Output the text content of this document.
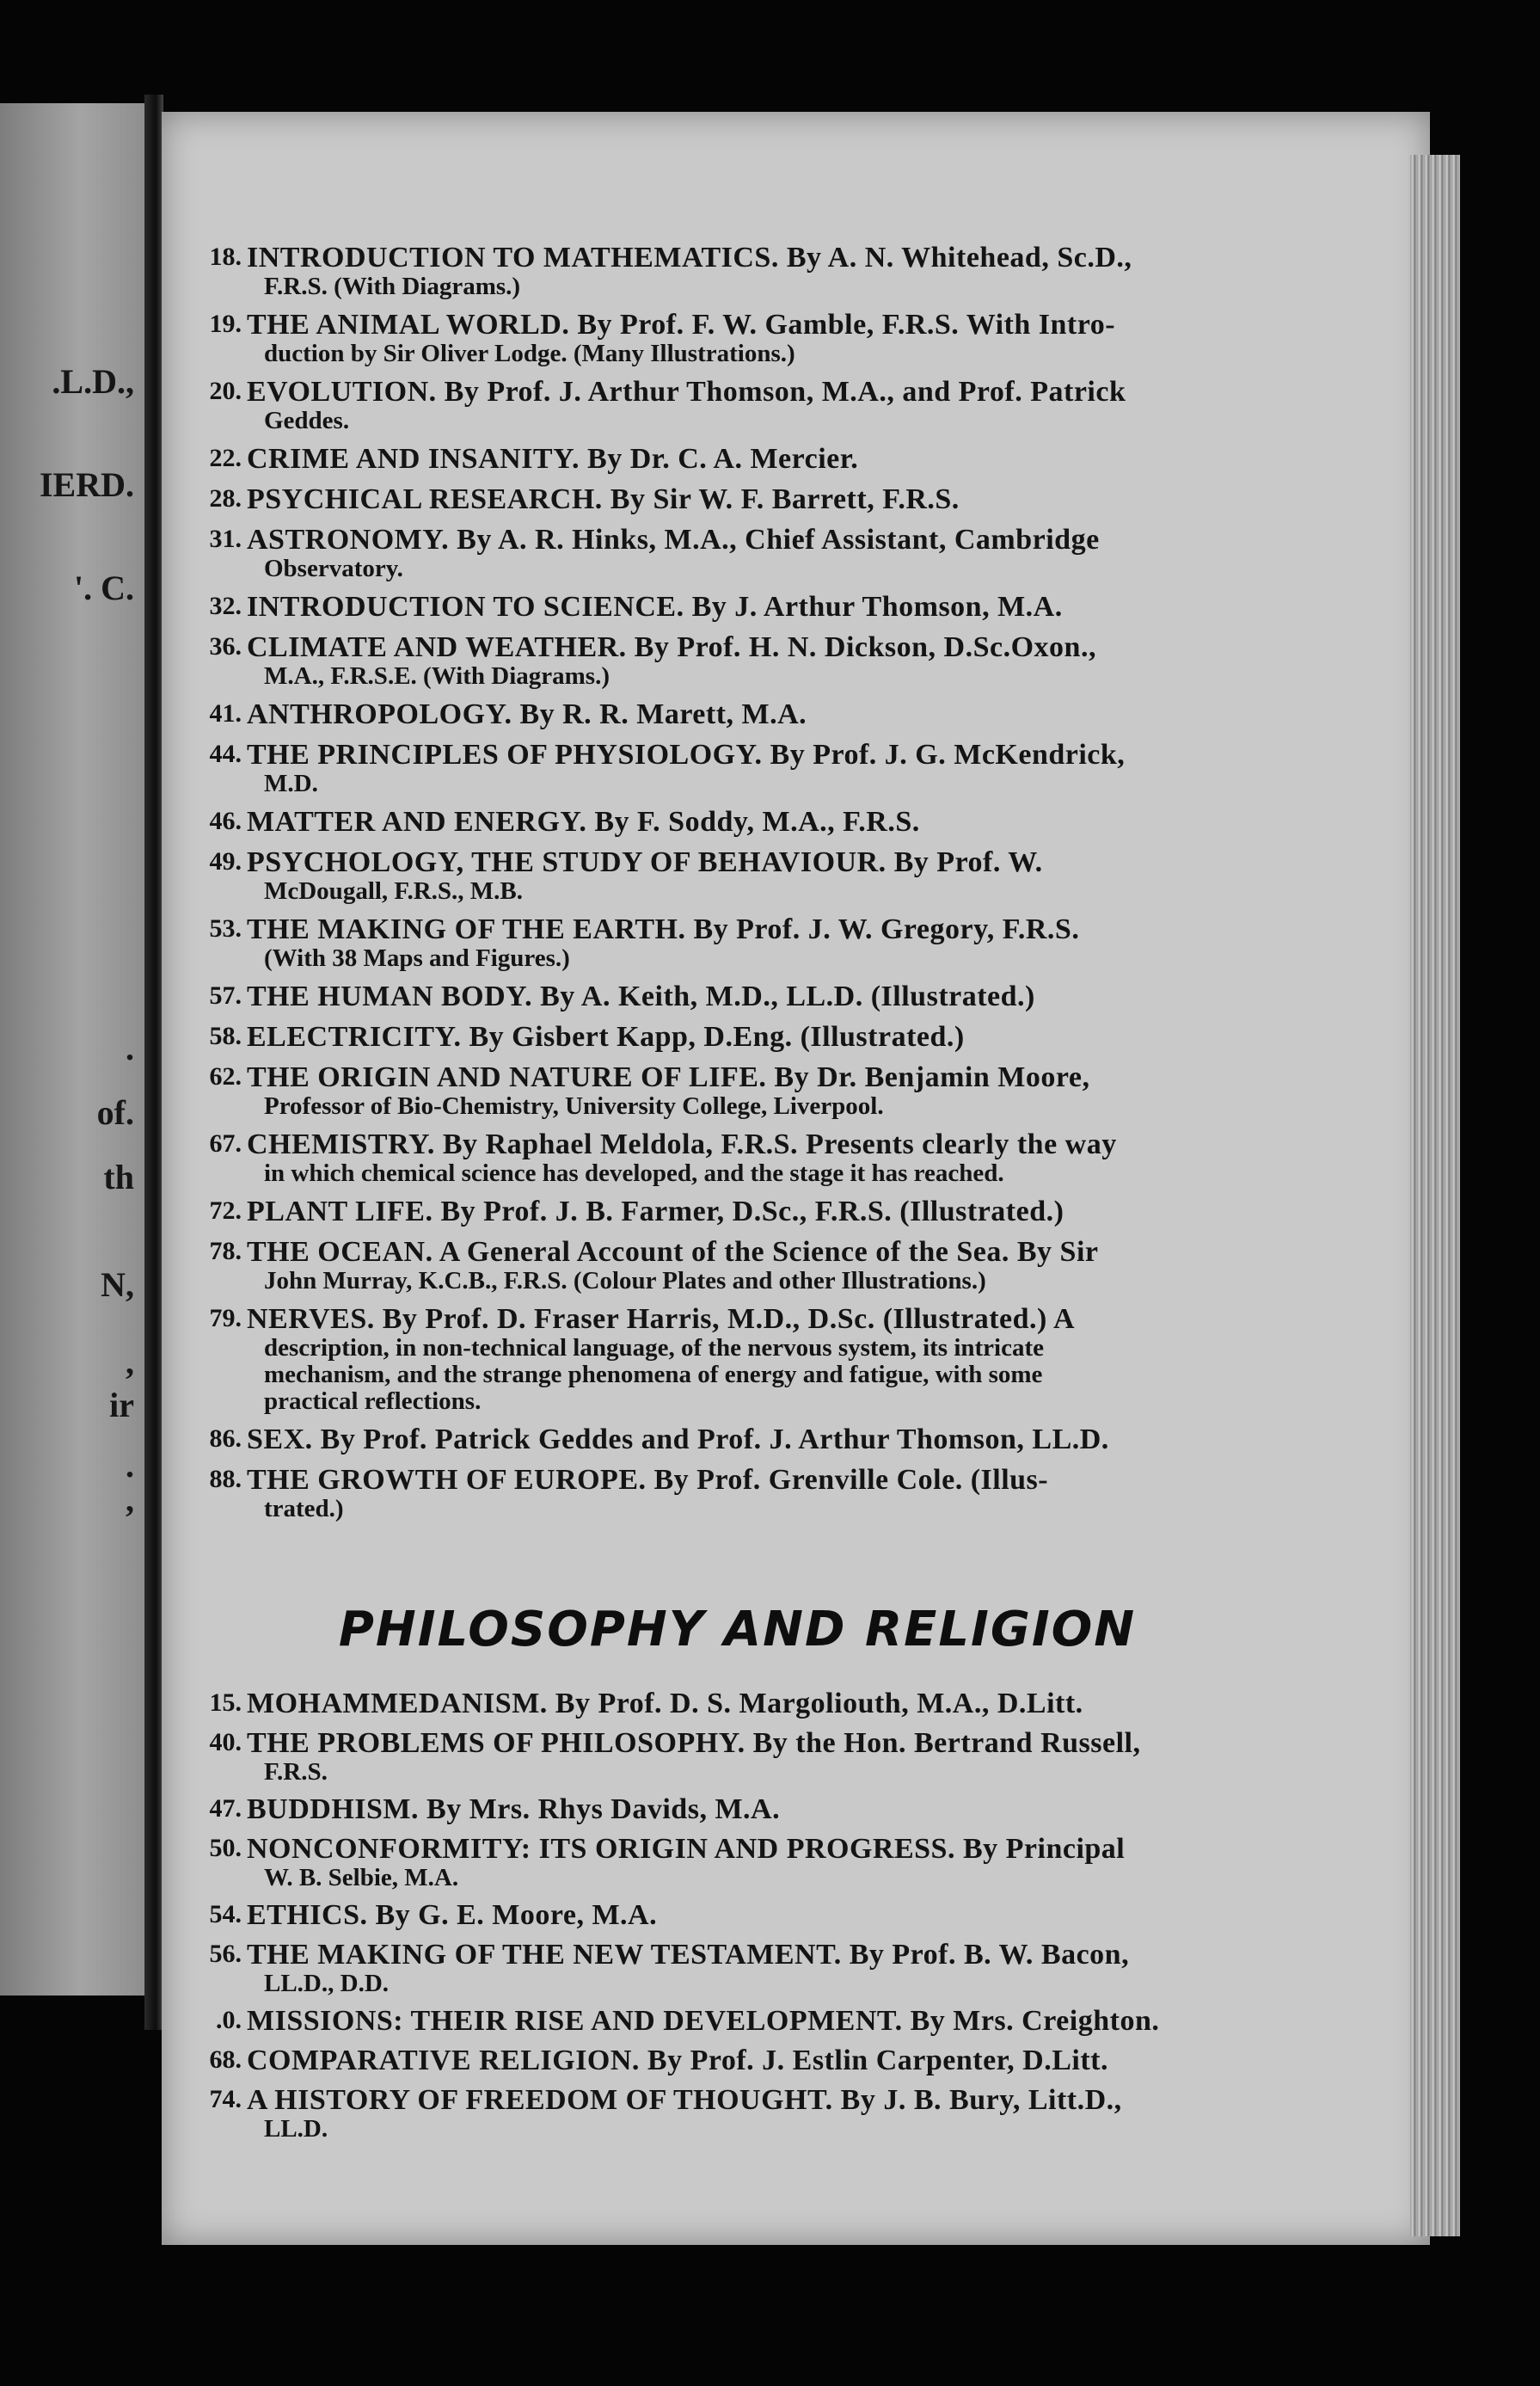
.L.D.,
IERD.
'. C.
.
of.
th
N,
,
ir
.
,
18. INTRODUCTION TO MATHEMATICS. By A. N. Whitehead, Sc.D.,
F.R.S. (With Diagrams.)
19. THE ANIMAL WORLD. By Prof. F. W. Gamble, F.R.S. With Intro-
duction by Sir Oliver Lodge. (Many Illustrations.)
20. EVOLUTION. By Prof. J. Arthur Thomson, M.A., and Prof. Patrick
Geddes.
22. CRIME AND INSANITY. By Dr. C. A. Mercier.
28. PSYCHICAL RESEARCH. By Sir W. F. Barrett, F.R.S.
31. ASTRONOMY. By A. R. Hinks, M.A., Chief Assistant, Cambridge
Observatory.
32. INTRODUCTION TO SCIENCE. By J. Arthur Thomson, M.A.
36. CLIMATE AND WEATHER. By Prof. H. N. Dickson, D.Sc.Oxon.,
M.A., F.R.S.E. (With Diagrams.)
41. ANTHROPOLOGY. By R. R. Marett, M.A.
44. THE PRINCIPLES OF PHYSIOLOGY. By Prof. J. G. McKendrick,
M.D.
46. MATTER AND ENERGY. By F. Soddy, M.A., F.R.S.
49. PSYCHOLOGY, THE STUDY OF BEHAVIOUR. By Prof. W.
McDougall, F.R.S., M.B.
53. THE MAKING OF THE EARTH. By Prof. J. W. Gregory, F.R.S.
(With 38 Maps and Figures.)
57. THE HUMAN BODY. By A. Keith, M.D., LL.D. (Illustrated.)
58. ELECTRICITY. By Gisbert Kapp, D.Eng. (Illustrated.)
62. THE ORIGIN AND NATURE OF LIFE. By Dr. Benjamin Moore,
Professor of Bio-Chemistry, University College, Liverpool.
67. CHEMISTRY. By Raphael Meldola, F.R.S. Presents clearly the way
in which chemical science has developed, and the stage it has reached.
72. PLANT LIFE. By Prof. J. B. Farmer, D.Sc., F.R.S. (Illustrated.)
78. THE OCEAN. A General Account of the Science of the Sea. By Sir
John Murray, K.C.B., F.R.S. (Colour Plates and other Illustrations.)
79. NERVES. By Prof. D. Fraser Harris, M.D., D.Sc. (Illustrated.) A
description, in non-technical language, of the nervous system, its intricate
mechanism, and the strange phenomena of energy and fatigue, with some
practical reflections.
86. SEX. By Prof. Patrick Geddes and Prof. J. Arthur Thomson, LL.D.
88. THE GROWTH OF EUROPE. By Prof. Grenville Cole. (Illus-
trated.)
PHILOSOPHY AND RELIGION
15. MOHAMMEDANISM. By Prof. D. S. Margoliouth, M.A., D.Litt.
40. THE PROBLEMS OF PHILOSOPHY. By the Hon. Bertrand Russell,
F.R.S.
47. BUDDHISM. By Mrs. Rhys Davids, M.A.
50. NONCONFORMITY: ITS ORIGIN AND PROGRESS. By Principal
W. B. Selbie, M.A.
54. ETHICS. By G. E. Moore, M.A.
56. THE MAKING OF THE NEW TESTAMENT. By Prof. B. W. Bacon,
LL.D., D.D.
.0. MISSIONS: THEIR RISE AND DEVELOPMENT. By Mrs. Creighton.
68. COMPARATIVE RELIGION. By Prof. J. Estlin Carpenter, D.Litt.
74. A HISTORY OF FREEDOM OF THOUGHT. By J. B. Bury, Litt.D.,
LL.D.
